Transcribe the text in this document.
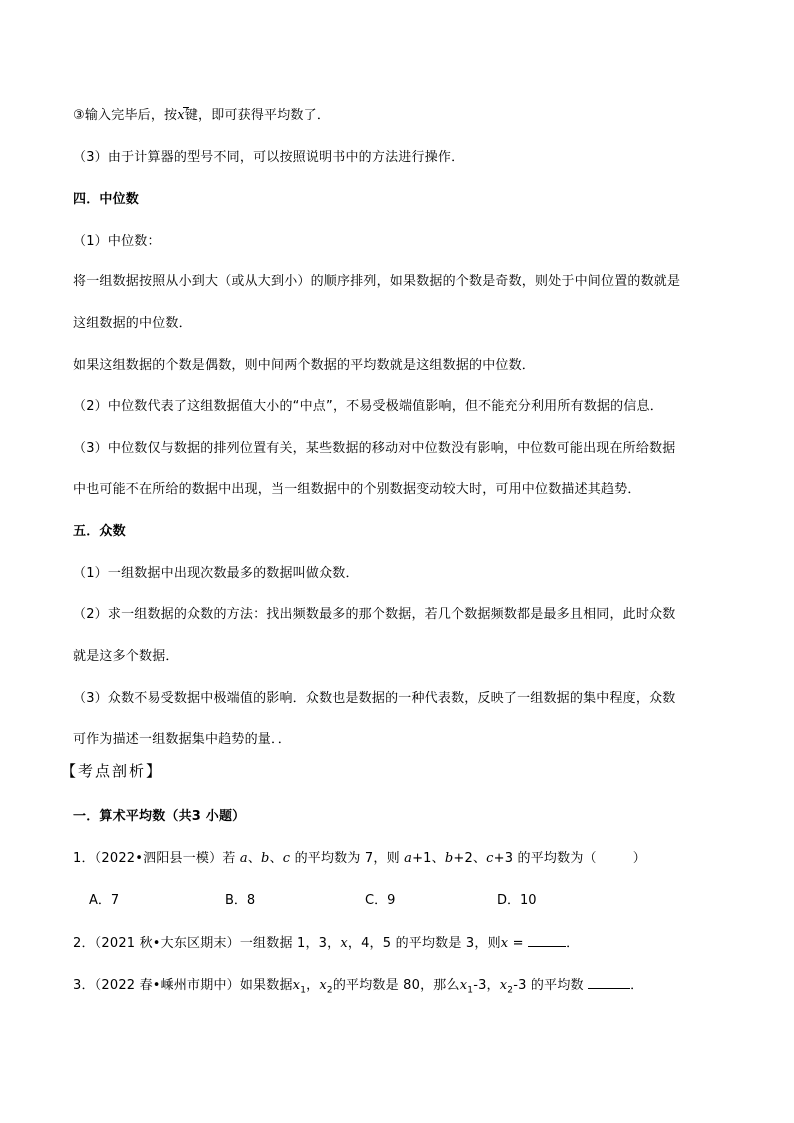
③输入完毕后，按x键，即可获得平均数了．
（3）由于计算器的型号不同，可以按照说明书中的方法进行操作．
四．中位数
（1）中位数：
将一组数据按照从小到大（或从大到小）的顺序排列，如果数据的个数是奇数，则处于中间位置的数就是
这组数据的中位数．
如果这组数据的个数是偶数，则中间两个数据的平均数就是这组数据的中位数．
（2）中位数代表了这组数据值大小的“中点”，不易受极端值影响，但不能充分利用所有数据的信息．
（3）中位数仅与数据的排列位置有关，某些数据的移动对中位数没有影响，中位数可能出现在所给数据
中也可能不在所给的数据中出现，当一组数据中的个别数据变动较大时，可用中位数描述其趋势．
五．众数
（1）一组数据中出现次数最多的数据叫做众数．
（2）求一组数据的众数的方法：找出频数最多的那个数据，若几个数据频数都是最多且相同，此时众数
就是这多个数据．
（3）众数不易受数据中极端值的影响．众数也是数据的一种代表数，反映了一组数据的集中程度，众数
可作为描述一组数据集中趋势的量．．
【考点剖析】
一．算术平均数（共3 小题）
1．（2022•泗阳县一模）若 a、b、c 的平均数为 7，则 a+1、b+2、c+3 的平均数为（	）
A．7	B．8	C．9	D．10
2．（2021 秋•大东区期末）一组数据 1，3，x，4，5 的平均数是 3，则x =	．
3．（2022 春•嵊州市期中）如果数据$x_1$，$x_2$的平均数是 80，那么$x_1-3$，$x_2-3$ 的平均数	．
